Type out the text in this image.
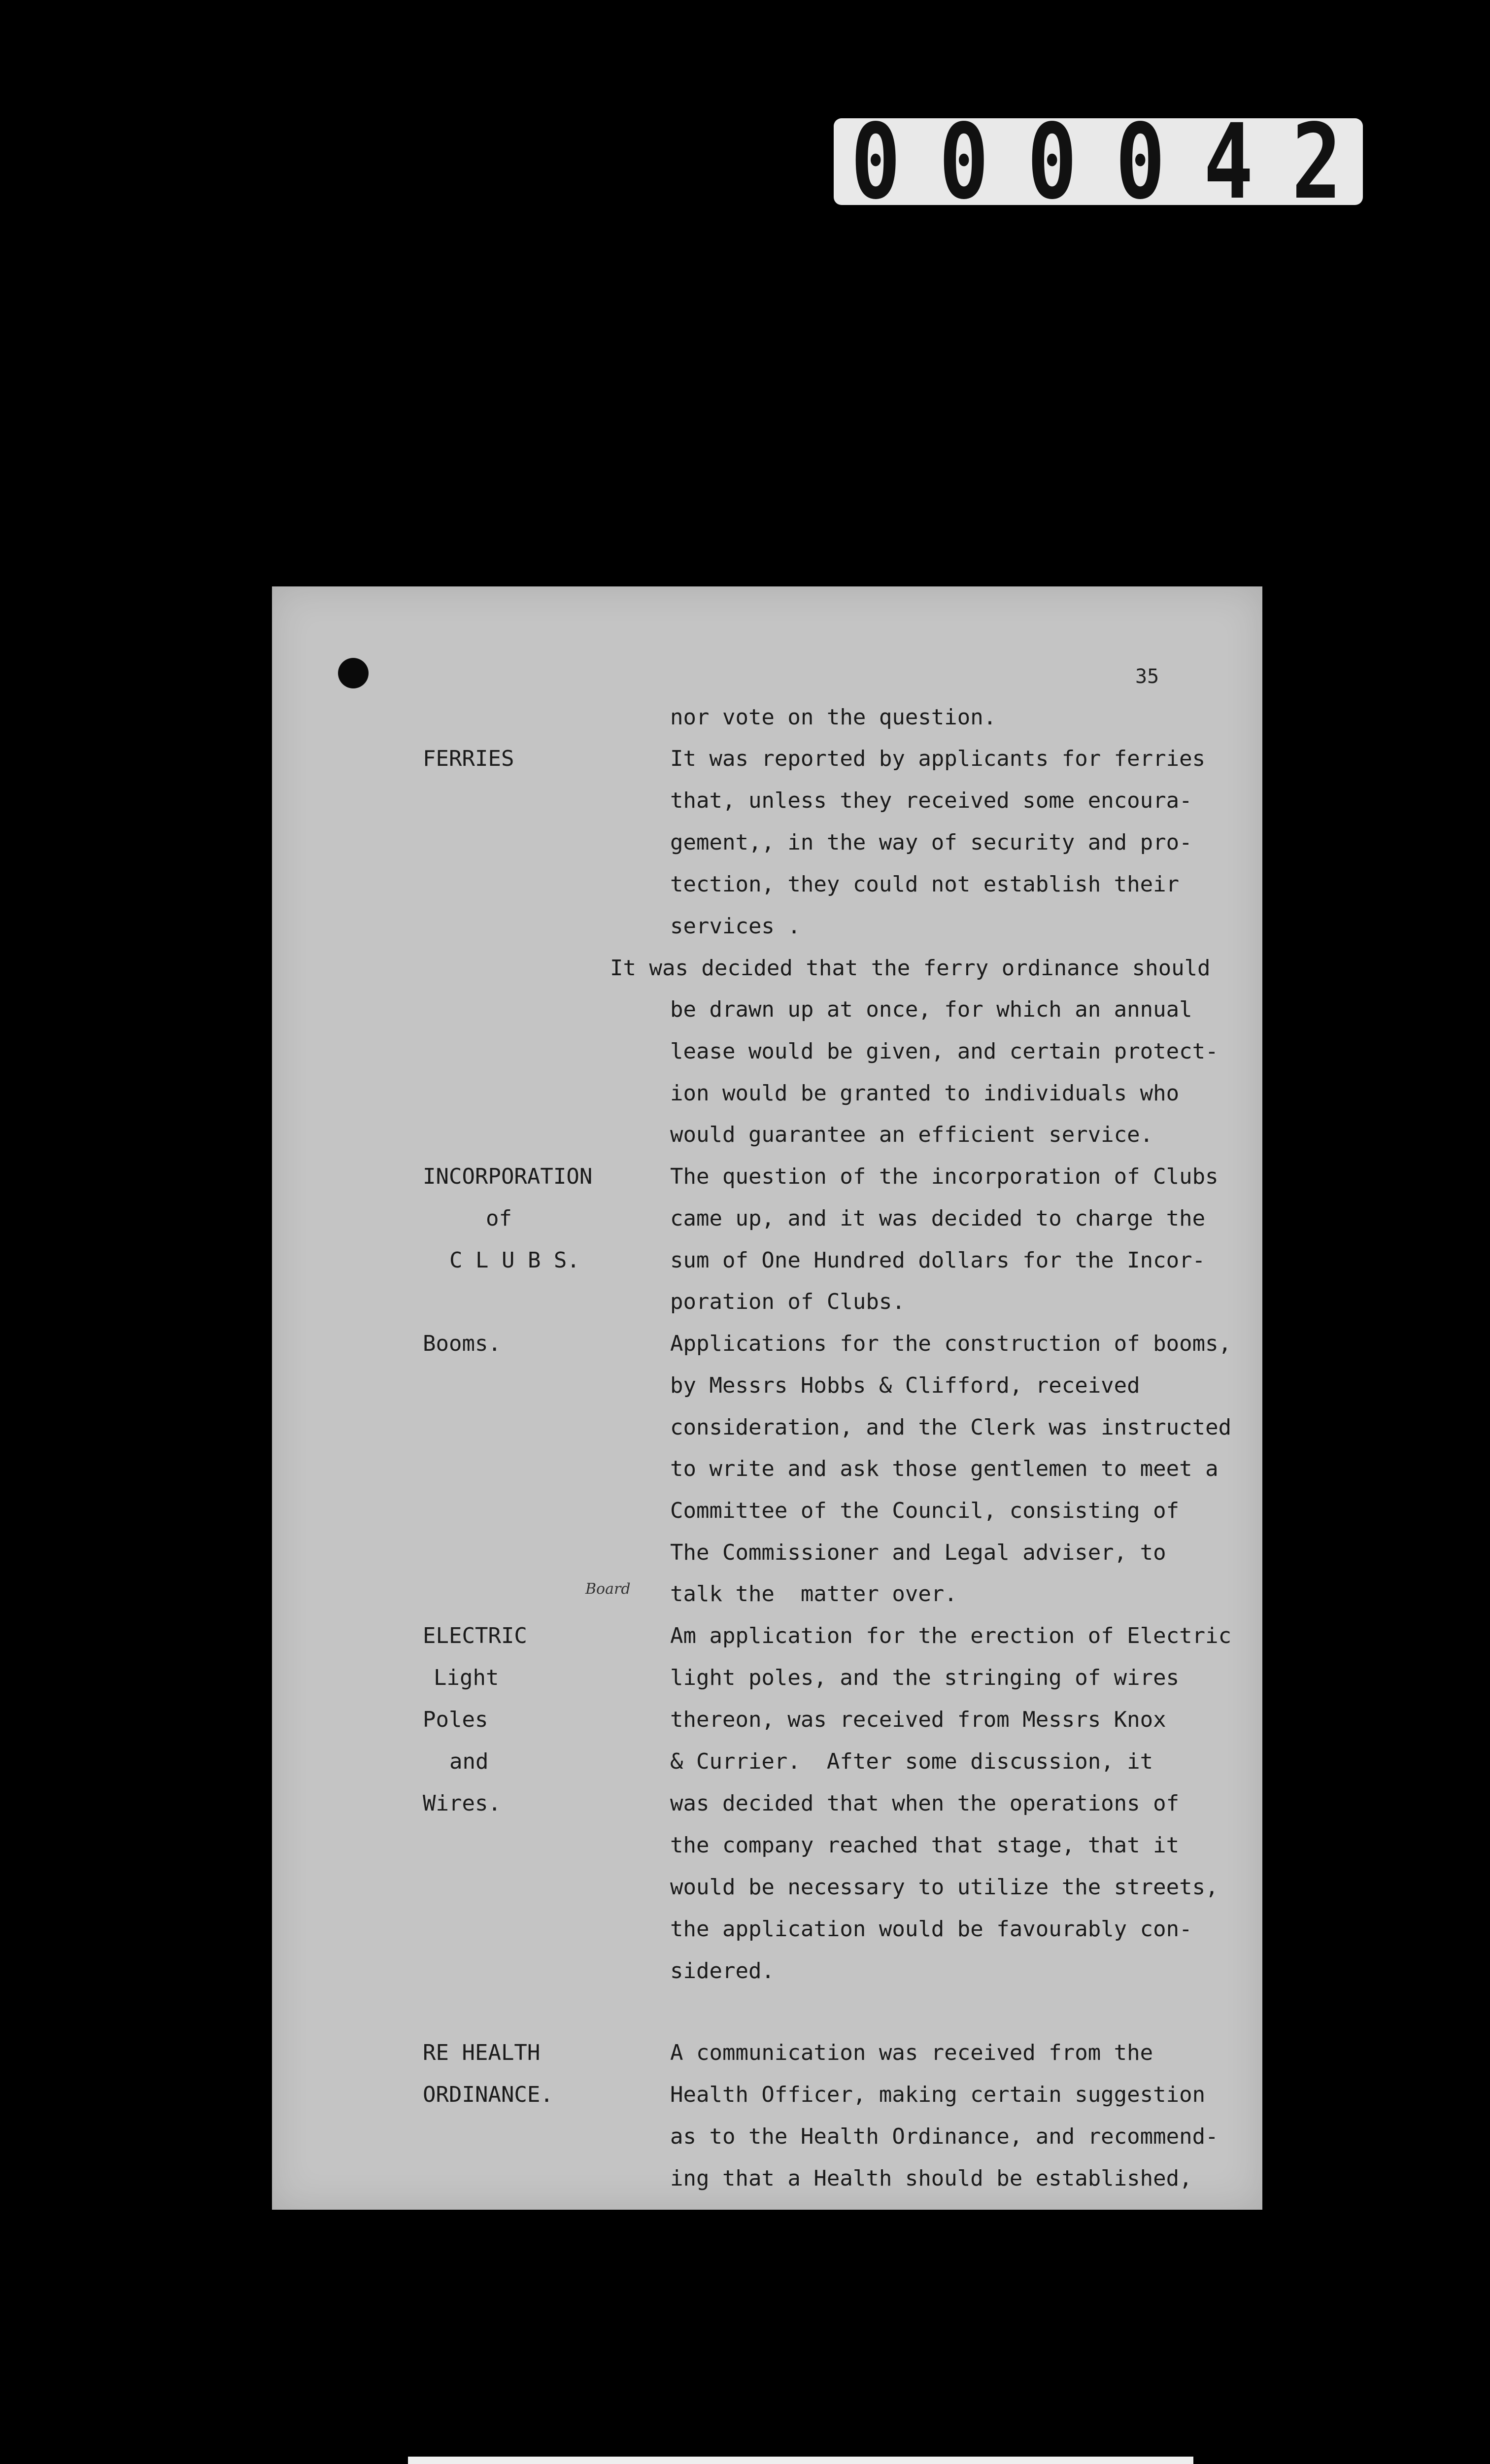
0 0 0 0 4 2
35
FERRIES
INCORPORATION
of
C L U B S.
Booms.
ELECTRIC
Light
Poles
and
Wires.
RE HEALTH
ORDINANCE.
nor vote on the question.
It was reported by applicants for ferries
that, unless they received some encoura-
gement,, in the way of security and pro-
tection, they could not establish their
services .
It was decided that the ferry ordinance should
be drawn up at once, for which an annual
lease would be given, and certain protect-
ion would be granted to individuals who
would guarantee an efficient service.
The question of the incorporation of Clubs
came up, and it was decided to charge the
sum of One Hundred dollars for the Incor-
poration of Clubs.
Applications for the construction of booms,
by Messrs Hobbs & Clifford, received
consideration, and the Clerk was instructed
to write and ask those gentlemen to meet a
Committee of the Council, consisting of
The Commissioner and Legal adviser, to
talk the  matter over.
Am application for the erection of Electric
light poles, and the stringing of wires
thereon, was received from Messrs Knox
& Currier.  After some discussion, it
was decided that when the operations of
the company reached that stage, that it
would be necessary to utilize the streets,
the application would be favourably con-
sidered.
A communication was received from the
Health Officer, making certain suggestion
as to the Health Ordinance, and recommend-
ing that a Health should be established,
Board
